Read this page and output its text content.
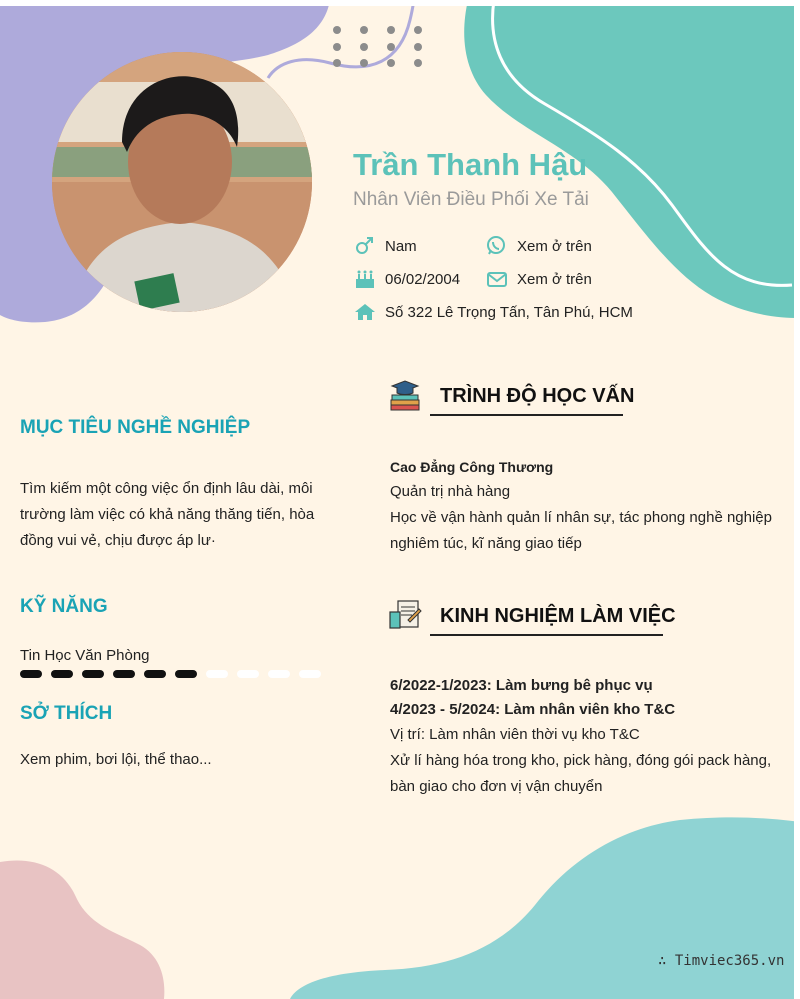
Trần Thanh Hậu
Nhân Viên Điều Phối Xe Tải
Nam	Xem ở trên
06/02/2004	Xem ở trên
Số 322 Lê Trọng Tấn, Tân Phú, HCM
MỤC TIÊU NGHỀ NGHIỆP
Tìm kiếm một công việc ổn định lâu dài, môi trường làm việc có khả năng thăng tiến, hòa đồng vui vẻ, chịu được áp lư·
KỸ NĂNG
Tin Học Văn Phòng
SỞ THÍCH
Xem phim, bơi lội, thể thao...
TRÌNH ĐỘ HỌC VẤN
Cao Đẳng Công Thương
Quản trị nhà hàng
Học về vận hành quản lí nhân sự, tác phong nghề nghiệp nghiêm túc, kĩ năng giao tiếp
KINH NGHIỆM LÀM VIỆC
6/2022-1/2023: Làm bưng bê phục vụ
4/2023 - 5/2024: Làm nhân viên kho T&C
Vị trí: Làm nhân viên thời vụ kho T&C
Xử lí hàng hóa trong kho, pick hàng, đóng gói pack hàng, bàn giao cho đơn vị vận chuyển
∴ Timviec365.vn
